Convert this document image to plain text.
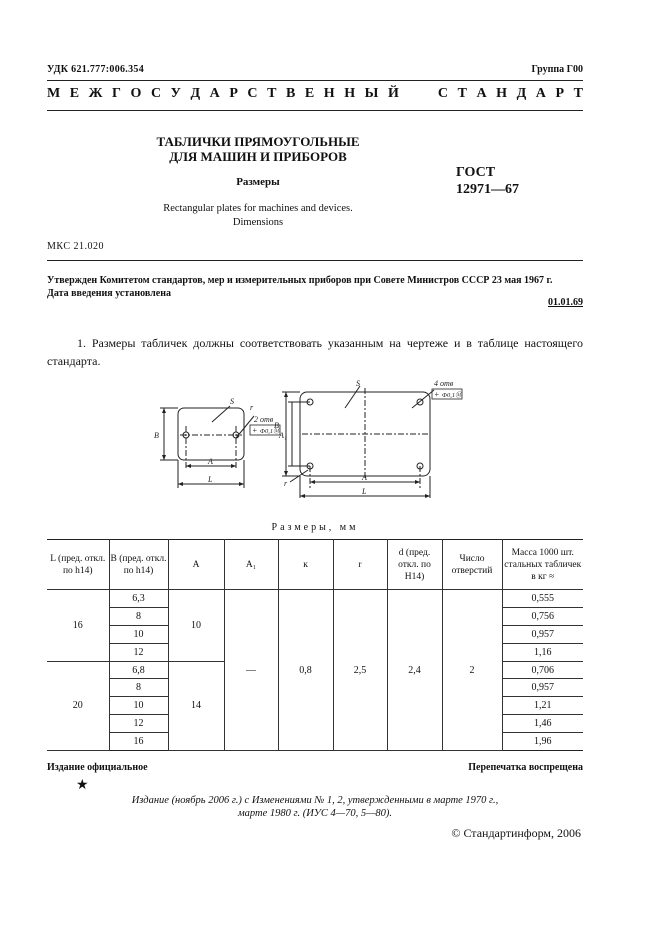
УДК 621.777:006.354	Группа Г00
М Е Ж Г О С У Д А Р С Т В Е Н Н Ы Й	С Т А Н Д А Р Т
ТАБЛИЧКИ ПРЯМОУГОЛЬНЫЕ
ДЛЯ МАШИН И ПРИБОРОВ
Размеры
Rectangular plates for machines and devices.
Dimensions
ГОСТ
12971—67
МКС 21.020
Утвержден Комитетом стандартов, мер и измерительных приборов при Совете Министров СССР 23 мая 1967 г.
Дата введения установлена
01.01.69
1. Размеры табличек должны соответствовать указанным на чертеже и в таблице настоящего стандарта.
S
r
2 отв
+ Φ0,1Ⓜ
A
L
B
S	4 отв
+ Φ0,1Ⓜ
A₁
B
A
L
r
Размеры, мм
L (пред. откл. по h14)	B (пред. откл. по h14)	A	A₁	к	r	d (пред. откл. по H14)	Число отверстий	Масса 1000 шт. стальных табличек в кг ≈
16	6,3	10	—	0,8	2,5	2,4	2	0,555
	8							0,756
	10							0,957
	12							1,16
20	6,8	14						0,706
	8							0,957
	10							1,21
	12							1,46
	16							1,96
Издание официальное	Перепечатка воспрещена
★
Издание (ноябрь 2006 г.) с Изменениями № 1, 2, утвержденными в марте 1970 г.,
марте 1980 г. (ИУС 4—70, 5—80).
© Стандартинформ, 2006
